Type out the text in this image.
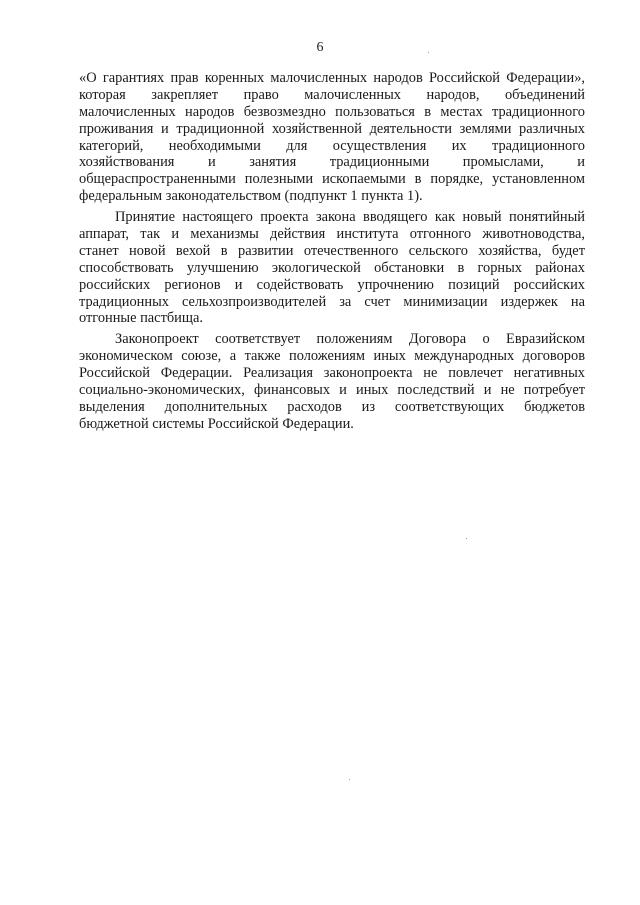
6
«О гарантиях прав коренных малочисленных народов Российской Федерации»,
которая закрепляет право малочисленных народов, объединений
малочисленных народов безвозмездно пользоваться в местах традиционного
проживания и традиционной хозяйственной деятельности землями различных
категорий, необходимыми для осуществления их традиционного
хозяйствования и занятия традиционными промыслами, и
общераспространенными полезными ископаемыми в порядке, установленном
федеральным законодательством (подпункт 1 пункта 1).
Принятие настоящего проекта закона вводящего как новый понятийный
аппарат, так и механизмы действия института отгонного животноводства,
станет новой вехой в развитии отечественного сельского хозяйства, будет
способствовать улучшению экологической обстановки в горных районах
российских регионов и содействовать упрочнению позиций российских
традиционных сельхозпроизводителей за счет минимизации издержек на
отгонные пастбища.
Законопроект соответствует положениям Договора о Евразийском
экономическом союзе, а также положениям иных международных договоров
Российской Федерации. Реализация законопроекта не повлечет негативных
социально-экономических, финансовых и иных последствий и не потребует
выделения дополнительных расходов из соответствующих бюджетов
бюджетной системы Российской Федерации.
